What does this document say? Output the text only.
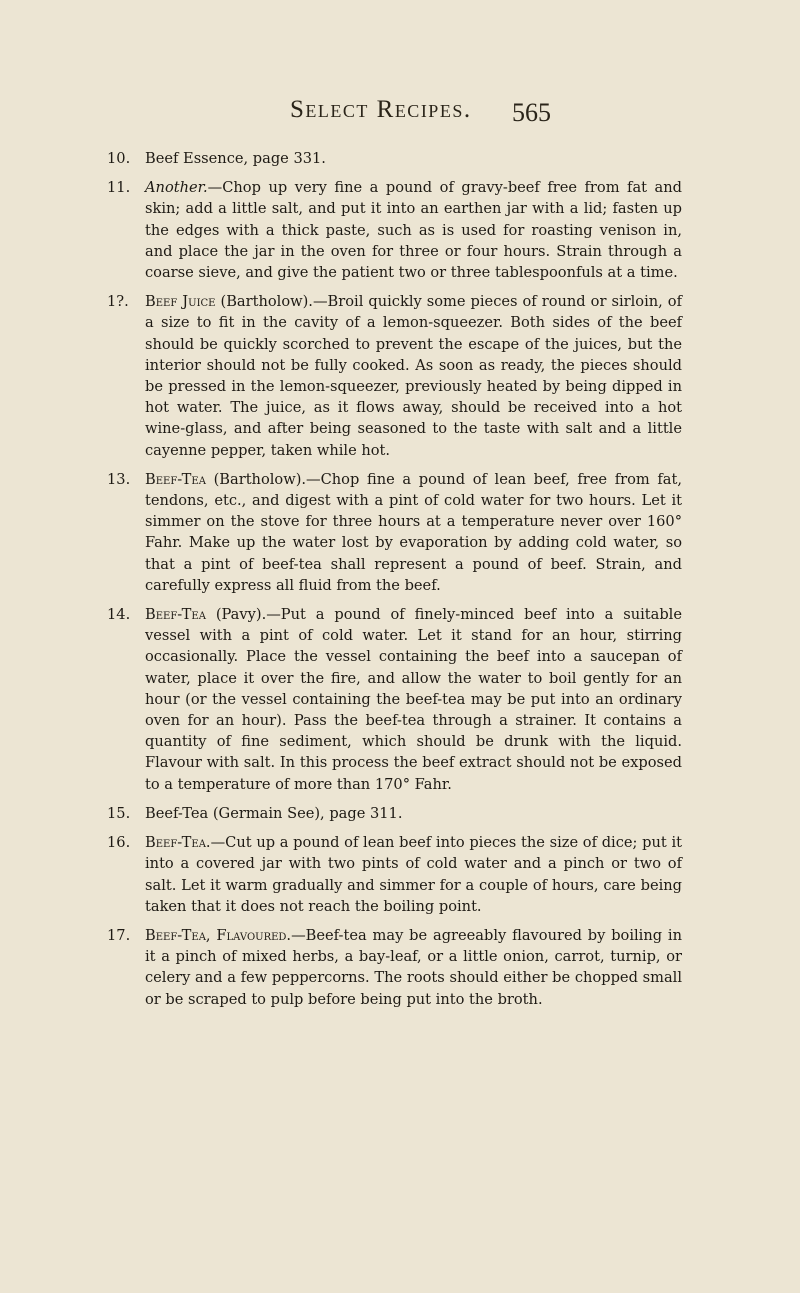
Select Recipes. 565
10. Beef Essence, page 331.
11. Another.—Chop up very fine a pound of gravy-beef free from fat and skin; add a little salt, and put it into an earthen jar with a lid; fasten up the edges with a thick paste, such as is used for roasting venison in, and place the jar in the oven for three or four hours. Strain through a coarse sieve, and give the patient two or three tablespoonfuls at a time.
1?. Beef Juice (Bartholow).—Broil quickly some pieces of round or sirloin, of a size to fit in the cavity of a lemon-squeezer. Both sides of the beef should be quickly scorched to prevent the escape of the juices, but the interior should not be fully cooked. As soon as ready, the pieces should be pressed in the lemon-squeezer, previously heated by being dipped in hot water. The juice, as it flows away, should be received into a hot wine-glass, and after being seasoned to the taste with salt and a little cayenne pepper, taken while hot.
13. Beef-Tea (Bartholow).—Chop fine a pound of lean beef, free from fat, tendons, etc., and digest with a pint of cold water for two hours. Let it simmer on the stove for three hours at a temperature never over 160° Fahr. Make up the water lost by evaporation by adding cold water, so that a pint of beef-tea shall represent a pound of beef. Strain, and carefully express all fluid from the beef.
14. Beef-Tea (Pavy).—Put a pound of finely-minced beef into a suitable vessel with a pint of cold water. Let it stand for an hour, stirring occasionally. Place the vessel containing the beef into a saucepan of water, place it over the fire, and allow the water to boil gently for an hour (or the vessel containing the beef-tea may be put into an ordinary oven for an hour). Pass the beef-tea through a strainer. It contains a quantity of fine sediment, which should be drunk with the liquid. Flavour with salt. In this process the beef extract should not be exposed to a temperature of more than 170° Fahr.
15. Beef-Tea (Germain See), page 311.
16. Beef-Tea.—Cut up a pound of lean beef into pieces the size of dice; put it into a covered jar with two pints of cold water and a pinch or two of salt. Let it warm gradually and simmer for a couple of hours, care being taken that it does not reach the boiling point.
17. Beef-Tea, Flavoured.—Beef-tea may be agreeably flavoured by boiling in it a pinch of mixed herbs, a bay-leaf, or a little onion, carrot, turnip, or celery and a few peppercorns. The roots should either be chopped small or be scraped to pulp before being put into the broth.
